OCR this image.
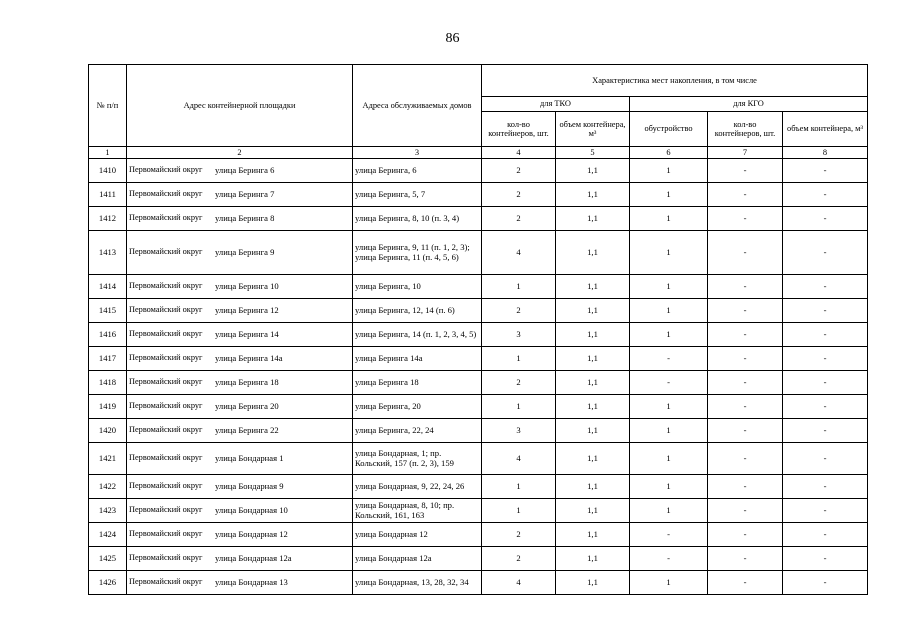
86
№ п/п	Адрес контейнерной площадки	Адреса обслуживаемых домов	Характеристика мест накопления, в том числе				
			для ТКО		для КГО		
			кол-во контейнеров, шт.	объем контейнера, м³	обустройство	кол-во контейнеров, шт.	объем контейнера, м³
1	2	3	4	5	6	7	8
1410	Первомайский округ улица Беринга 6	улица Беринга, 6	2	1,1	1	-	-
1411	Первомайский округ улица Беринга 7	улица Беринга, 5, 7	2	1,1	1	-	-
1412	Первомайский округ улица Беринга 8	улица Беринга, 8, 10 (п. 3, 4)	2	1,1	1	-	-
1413	Первомайский округ улица Беринга 9	улица Беринга, 9, 11 (п. 1, 2, 3); улица Беринга, 11 (п. 4, 5, 6)	4	1,1	1	-	-
1414	Первомайский округ улица Беринга 10	улица Беринга, 10	1	1,1	1	-	-
1415	Первомайский округ улица Беринга 12	улица Беринга, 12, 14 (п. 6)	2	1,1	1	-	-
1416	Первомайский округ улица Беринга 14	улица Беринга, 14 (п. 1, 2, 3, 4, 5)	3	1,1	1	-	-
1417	Первомайский округ улица Беринга 14а	улица Беринга 14а	1	1,1	-	-	-
1418	Первомайский округ улица Беринга 18	улица Беринга 18	2	1,1	-	-	-
1419	Первомайский округ улица Беринга 20	улица Беринга, 20	1	1,1	1	-	-
1420	Первомайский округ улица Беринга 22	улица Беринга, 22, 24	3	1,1	1	-	-
1421	Первомайский округ улица Бондарная 1	улица Бондарная, 1; пр. Кольский, 157 (п. 2, 3), 159	4	1,1	1	-	-
1422	Первомайский округ улица Бондарная 9	улица Бондарная, 9, 22, 24, 26	1	1,1	1	-	-
1423	Первомайский округ улица Бондарная 10	улица Бондарная, 8, 10; пр. Кольский, 161, 163	1	1,1	1	-	-
1424	Первомайский округ улица Бондарная 12	улица Бондарная 12	2	1,1	-	-	-
1425	Первомайский округ улица Бондарная 12а	улица Бондарная 12а	2	1,1	-	-	-
1426	Первомайский округ улица Бондарная 13	улица Бондарная, 13, 28, 32, 34	4	1,1	1	-	-
